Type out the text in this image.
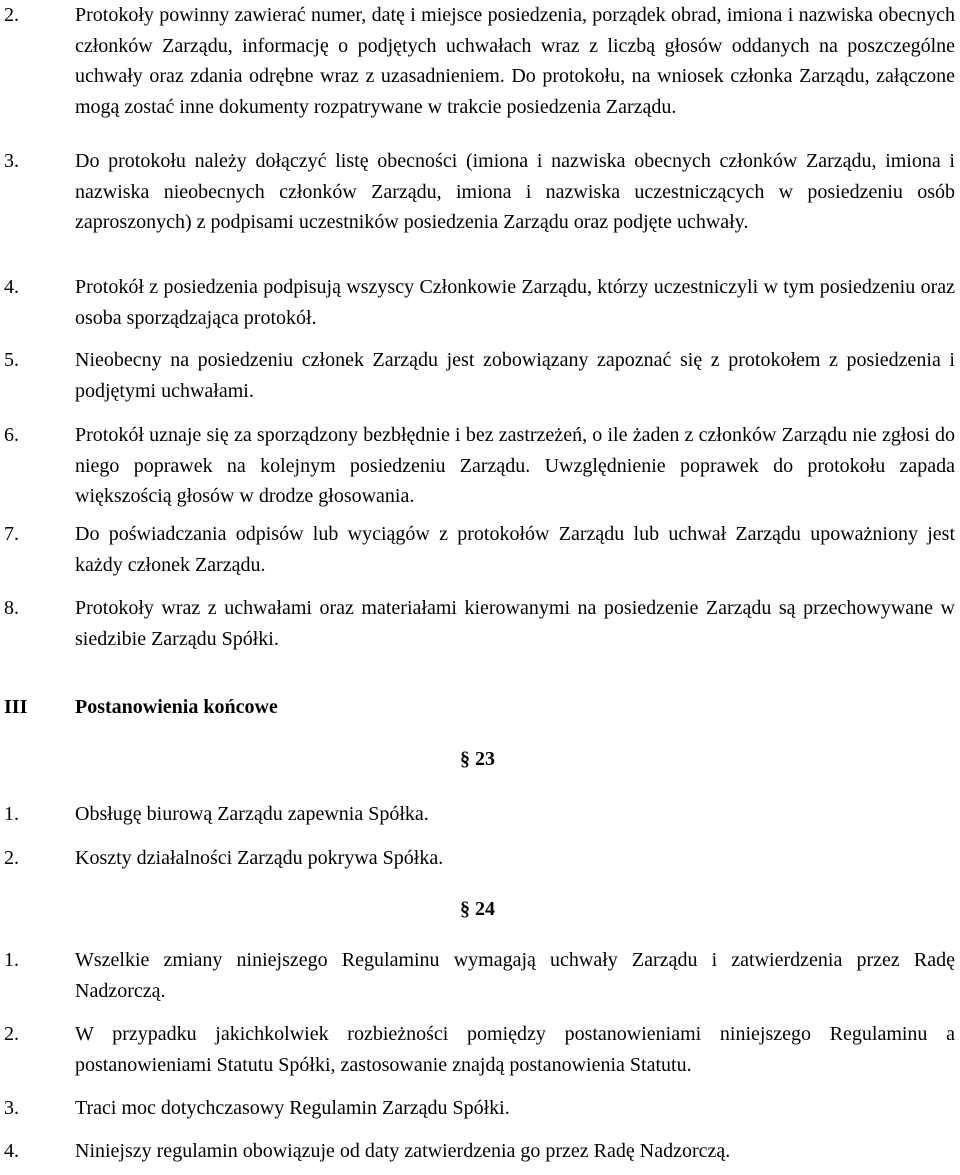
2.	Protokoły powinny zawierać numer, datę i miejsce posiedzenia, porządek obrad, imiona i nazwiska obecnych członków Zarządu, informację o podjętych uchwałach wraz z liczbą głosów oddanych na poszczególne uchwały oraz zdania odrębne wraz z uzasadnieniem. Do protokołu, na wniosek członka Zarządu, załączone mogą zostać inne dokumenty rozpatrywane w trakcie posiedzenia Zarządu.
3.	Do protokołu należy dołączyć listę obecności (imiona i nazwiska obecnych członków Zarządu, imiona i nazwiska nieobecnych członków Zarządu, imiona i nazwiska uczestniczących w posiedzeniu osób zaproszonych) z podpisami uczestników posiedzenia Zarządu oraz podjęte uchwały.
4.	Protokół z posiedzenia podpisują wszyscy Członkowie Zarządu, którzy uczestniczyli w tym posiedzeniu oraz osoba sporządzająca protokół.
5.	Nieobecny na posiedzeniu członek Zarządu jest zobowiązany zapoznać się z protokołem z posiedzenia i podjętymi uchwałami.
6.	Protokół uznaje się za sporządzony bezbłędnie i bez zastrzeżeń, o ile żaden z członków Zarządu nie zgłosi do niego poprawek na kolejnym posiedzeniu Zarządu. Uwzględnienie poprawek do protokołu zapada większością głosów w drodze głosowania.
7.	Do poświadczania odpisów lub wyciągów z protokołów Zarządu lub uchwał Zarządu upoważniony jest każdy członek Zarządu.
8.	Protokoły wraz z uchwałami oraz materiałami kierowanymi na posiedzenie Zarządu są przechowywane w siedzibie Zarządu Spółki.
III Postanowienia końcowe
§ 23
1.	Obsługę biurową Zarządu zapewnia Spółka.
2.	Koszty działalności Zarządu pokrywa Spółka.
§ 24
1.	Wszelkie zmiany niniejszego Regulaminu wymagają uchwały Zarządu i zatwierdzenia przez Radę Nadzorczą.
2.	W przypadku jakichkolwiek rozbieżności pomiędzy postanowieniami niniejszego Regulaminu a postanowieniami Statutu Spółki, zastosowanie znajdą postanowienia Statutu.
3.	Traci moc dotychczasowy Regulamin Zarządu Spółki.
4.	Niniejszy regulamin obowiązuje od daty zatwierdzenia go przez Radę Nadzorczą.
